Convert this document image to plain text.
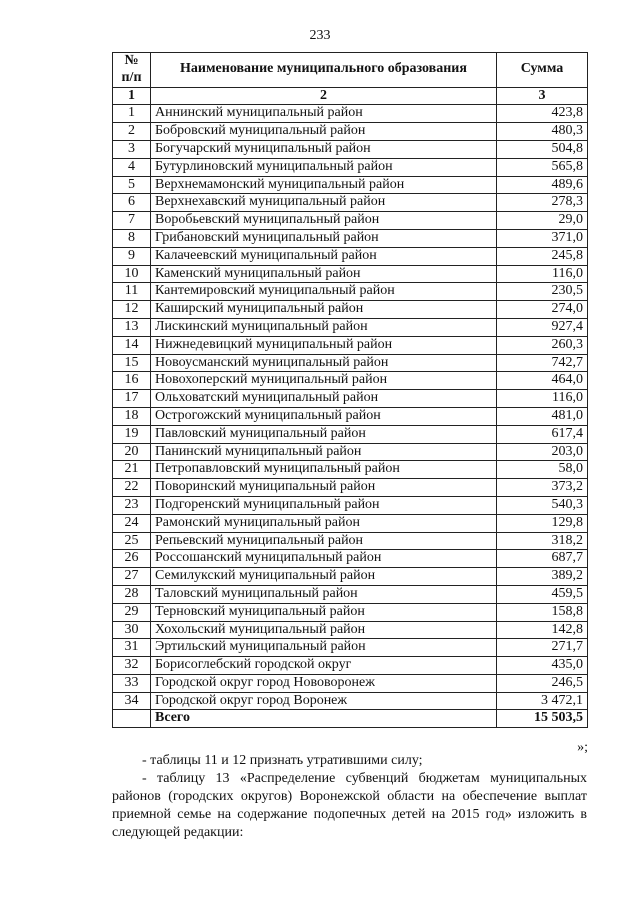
233
№ п/п	Наименование муниципального образования	Сумма
1	2	3
1	Аннинский муниципальный район	423,8
2	Бобровский муниципальный район	480,3
3	Богучарский муниципальный район	504,8
4	Бутурлиновский муниципальный район	565,8
5	Верхнемамонский муниципальный район	489,6
6	Верхнехавский муниципальный район	278,3
7	Воробьевский муниципальный район	29,0
8	Грибановский муниципальный район	371,0
9	Калачеевский муниципальный район	245,8
10	Каменский муниципальный район	116,0
11	Кантемировский муниципальный район	230,5
12	Каширский муниципальный район	274,0
13	Лискинский муниципальный район	927,4
14	Нижнедевицкий муниципальный район	260,3
15	Новоусманский муниципальный район	742,7
16	Новохоперский муниципальный район	464,0
17	Ольховатский муниципальный район	116,0
18	Острогожский муниципальный район	481,0
19	Павловский муниципальный район	617,4
20	Панинский муниципальный район	203,0
21	Петропавловский муниципальный район	58,0
22	Поворинский муниципальный район	373,2
23	Подгоренский муниципальный район	540,3
24	Рамонский муниципальный район	129,8
25	Репьевский муниципальный район	318,2
26	Россошанский муниципальный район	687,7
27	Семилукский муниципальный район	389,2
28	Таловский муниципальный район	459,5
29	Терновский муниципальный район	158,8
30	Хохольский муниципальный район	142,8
31	Эртильский муниципальный район	271,7
32	Борисоглебский городской округ	435,0
33	Городской округ город Нововоронеж	246,5
34	Городской округ город Воронеж	3 472,1
	Всего	15 503,5
»;
- таблицы 11 и 12 признать утратившими силу;
- таблицу 13 «Распределение субвенций бюджетам муниципальных районов (городских округов) Воронежской области на обеспечение выплат приемной семье на содержание подопечных детей на 2015 год» изложить в следующей редакции:
